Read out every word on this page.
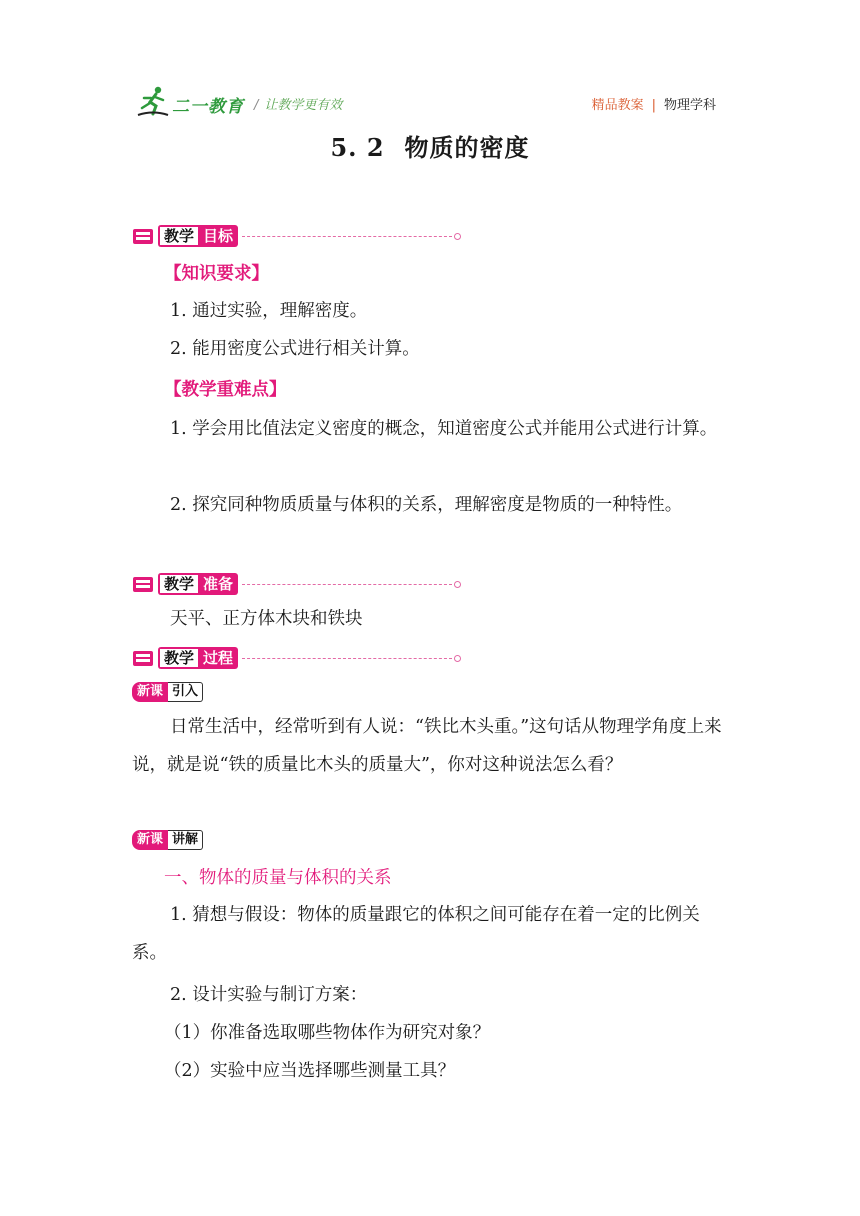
二一教育 / 让教学更有效	精品教案 | 物理学科
5. 2 物质的密度
教学 目标
【知识要求】
1. 通过实验，理解密度。
2. 能用密度公式进行相关计算。
【教学重难点】
1. 学会用比值法定义密度的概念，知道密度公式并能用公式进行计算。
2. 探究同种物质质量与体积的关系，理解密度是物质的一种特性。
教学 准备
天平、正方体木块和铁块
教学 过程
新课 引入
日常生活中，经常听到有人说：“铁比木头重。”这句话从物理学角度上来说，就是说“铁的质量比木头的质量大”，你对这种说法怎么看？
新课 讲解
一、物体的质量与体积的关系
1. 猜想与假设：物体的质量跟它的体积之间可能存在着一定的比例关系。
2. 设计实验与制订方案：
（1）你准备选取哪些物体作为研究对象？
（2）实验中应当选择哪些测量工具？
